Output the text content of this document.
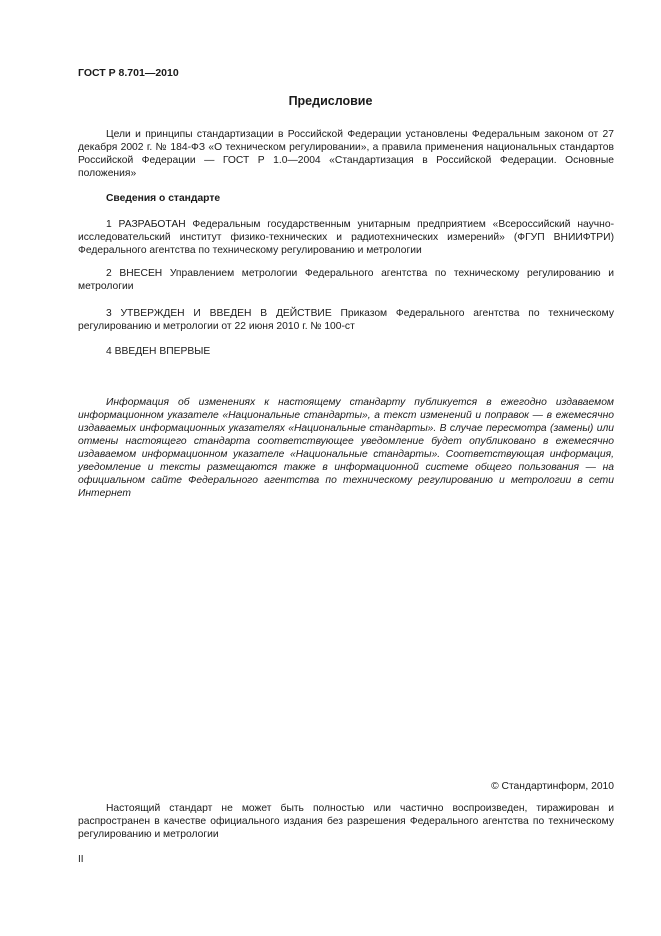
ГОСТ Р 8.701—2010
Предисловие

Цели и принципы стандартизации в Российской Федерации установлены Федеральным законом от 27 декабря 2002 г. № 184-ФЗ «О техническом регулировании», а правила применения национальных стандартов Российской Федерации — ГОСТ Р 1.0—2004 «Стандартизация в Российской Федерации. Основные положения»

Сведения о стандарте

1 РАЗРАБОТАН Федеральным государственным унитарным предприятием «Всероссийский научно-исследовательский институт физико-технических и радиотехнических измерений» (ФГУП ВНИИФТРИ) Федерального агентства по техническому регулированию и метрологии

2 ВНЕСЕН Управлением метрологии Федерального агентства по техническому регулированию и метрологии

3 УТВЕРЖДЕН И ВВЕДЕН В ДЕЙСТВИЕ Приказом Федерального агентства по техническому регулированию и метрологии от 22 июня 2010 г. № 100-ст

4 ВВЕДЕН ВПЕРВЫЕ

Информация об изменениях к настоящему стандарту публикуется в ежегодно издаваемом информационном указателе «Национальные стандарты», а текст изменений и поправок — в ежемесячно издаваемых информационных указателях «Национальные стандарты». В случае пересмотра (замены) или отмены настоящего стандарта соответствующее уведомление будет опубликовано в ежемесячно издаваемом информационном указателе «Национальные стандарты». Соответствующая информация, уведомление и тексты размещаются также в информационной системе общего пользования — на официальном сайте Федерального агентства по техническому регулированию и метрологии в сети Интернет

© Стандартинформ, 2010

Настоящий стандарт не может быть полностью или частично воспроизведен, тиражирован и распространен в качестве официального издания без разрешения Федерального агентства по техническому регулированию и метрологии

II
